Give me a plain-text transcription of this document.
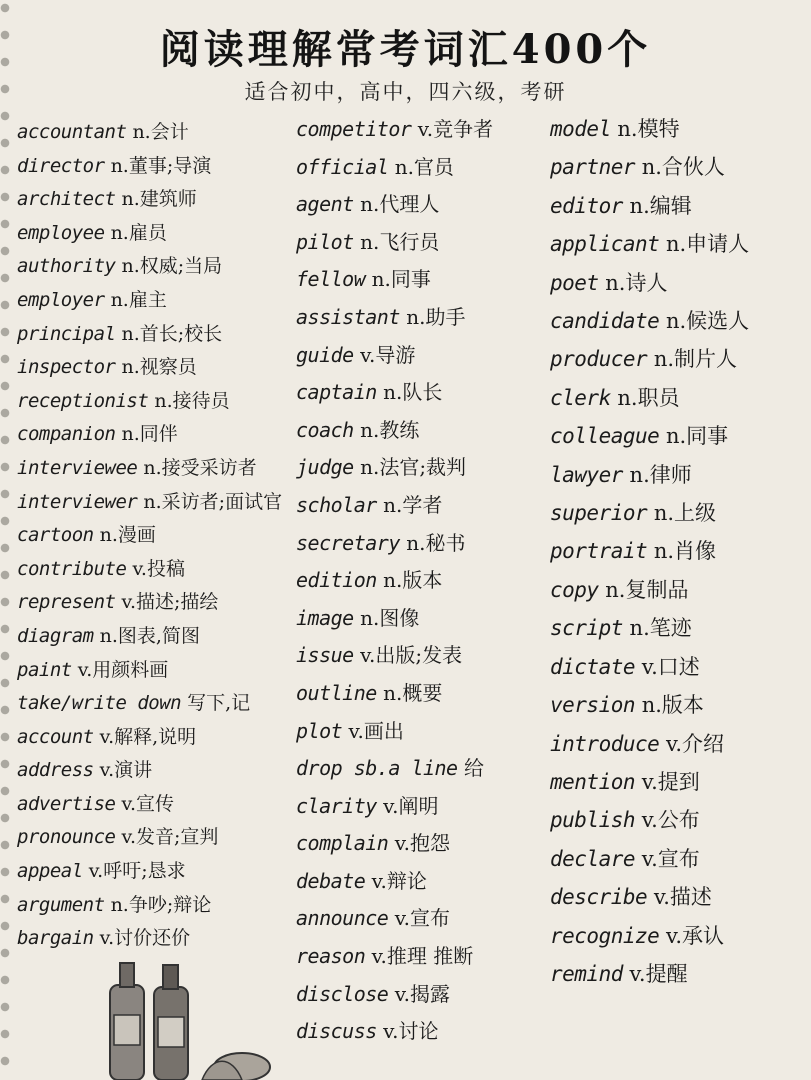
阅读理解常考词汇400个
适合初中，高中，四六级，考研
accountant n.会计
director n.董事;导演
architect n.建筑师
employee n.雇员
authority n.权威;当局
employer n.雇主
principal n.首长;校长
inspector n.视察员
receptionist n.接待员
companion n.同伴
interviewee n.接受采访者
interviewer n.采访者;面试官
cartoon n.漫画
contribute v.投稿
represent v.描述;描绘
diagram n.图表,简图
paint v.用颜料画
take/write down 写下,记
account v.解释,说明
address v.演讲
advertise v.宣传
pronounce v.发音;宣判
appeal v.呼吁;恳求
argument n.争吵;辩论
bargain v.讨价还价
competitor v.竞争者
official n.官员
agent n.代理人
pilot n.飞行员
fellow n.同事
assistant n.助手
guide v.导游
captain n.队长
coach n.教练
judge n.法官;裁判
scholar n.学者
secretary n.秘书
edition n.版本
image n.图像
issue v.出版;发表
outline n.概要
plot v.画出
drop sb.a line 给
clarity v.阐明
complain v.抱怨
debate v.辩论
announce v.宣布
reason v.推理 推断
disclose v.揭露
discuss v.讨论
model n.模特
partner n.合伙人
editor n.编辑
applicant n.申请人
poet n.诗人
candidate n.候选人
producer n.制片人
clerk n.职员
colleague n.同事
lawyer n.律师
superior n.上级
portrait n.肖像
copy n.复制品
script n.笔迹
dictate v.口述
version n.版本
introduce v.介绍
mention v.提到
publish v.公布
declare v.宣布
describe v.描述
recognize v.承认
remind v.提醒
